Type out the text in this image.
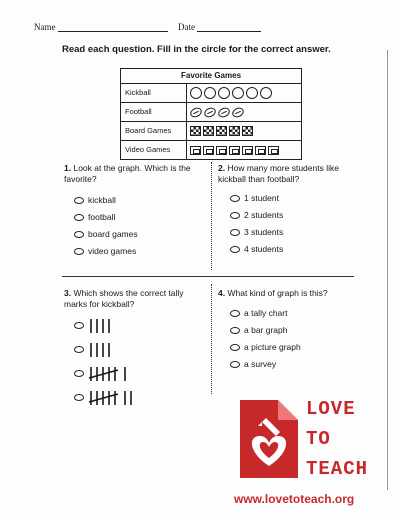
Name	Date
Read each question. Fill in the circle for the correct answer.
Favorite Games
Kickball
Football
Board Games
Video Games
1. Look at the graph. Which is the favorite?
kickball
football
board games
video games
2. How many more students like kickball than football?
1 student
2 students
3 students
4 students
3. Which shows the correct tally marks for kickball?
4. What kind of graph is this?
a tally chart
a bar graph
a picture graph
a survey
LOVE
TO
TEACH
www.lovetoteach.org
